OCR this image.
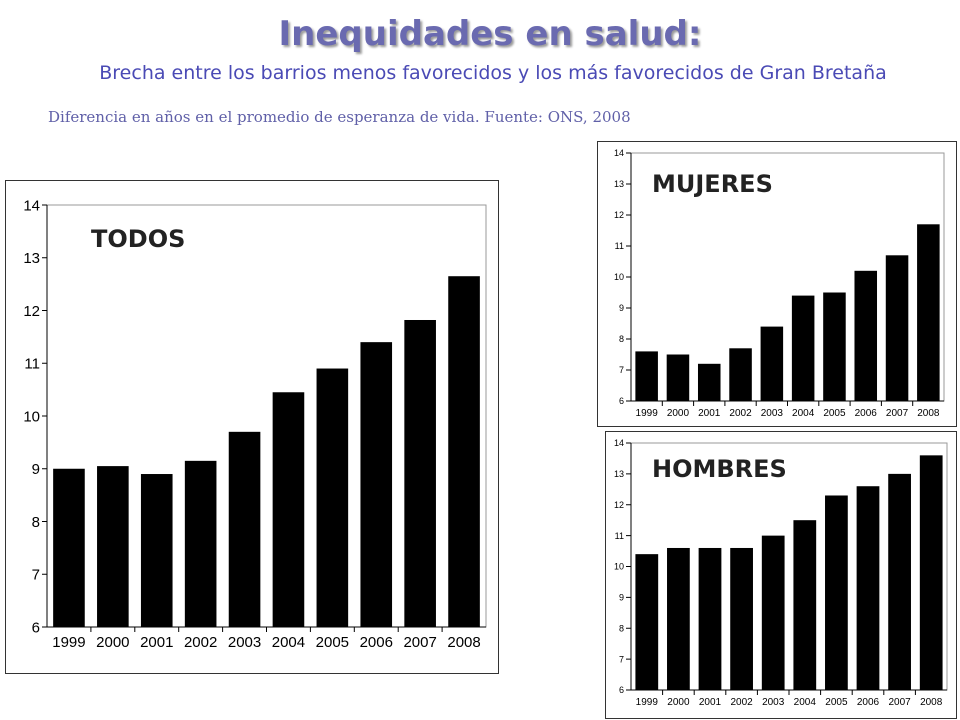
Inequidades en salud:
Brecha entre los barrios menos favorecidos y los más favorecidos de Gran Bretaña
Diferencia en años en el promedio de esperanza de vida. Fuente: ONS, 2008
6
7
8
9
10
11
12
13
14
1999 2000 2001 2002 2003 2004 2005 2006 2007 2008
TODOS
6
7
8
9
10
11
12
13
14
1999 2000 2001 2002 2003 2004 2005 2006 2007 2008
MUJERES
6
7
8
9
10
11
12
13
14
1999 2000 2001 2002 2003 2004 2005 2006 2007 2008
HOMBRES
